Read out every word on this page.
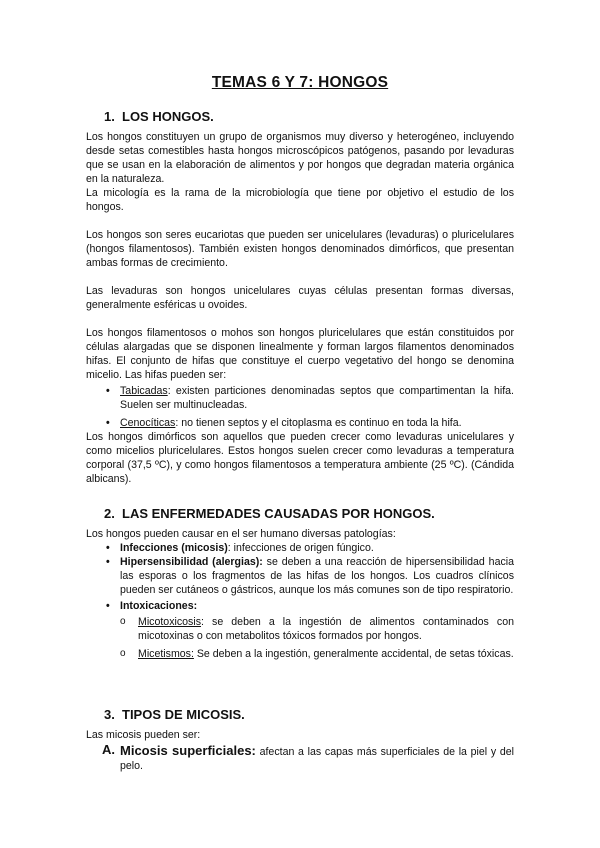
TEMAS 6 Y 7: HONGOS
1. LOS HONGOS.

Los hongos constituyen un grupo de organismos muy diverso y heterogéneo, incluyendo desde setas comestibles hasta hongos microscópicos patógenos, pasando por levaduras que se usan en la elaboración de alimentos y por hongos que degradan materia orgánica en la naturaleza.

La micología es la rama de la microbiología que tiene por objetivo el estudio de los hongos.

Los hongos son seres eucariotas que pueden ser unicelulares (levaduras) o pluricelulares (hongos filamentosos). También existen hongos denominados dimórficos, que presentan ambas formas de crecimiento.

Las levaduras son hongos unicelulares cuyas células presentan formas diversas, generalmente esféricas u ovoides.

Los hongos filamentosos o mohos son hongos pluricelulares que están constituidos por células alargadas que se disponen linealmente y forman largos filamentos denominados hifas. El conjunto de hifas que constituye el cuerpo vegetativo del hongo se denomina micelio. Las hifas pueden ser:

• Tabicadas: existen particiones denominadas septos que compartimentan la hifa. Suelen ser multinucleadas.
• Cenocíticas: no tienen septos y el citoplasma es continuo en toda la hifa.

Los hongos dimórficos son aquellos que pueden crecer como levaduras unicelulares y como micelios pluricelulares. Estos hongos suelen crecer como levaduras a temperatura corporal (37,5 ºC), y como hongos filamentosos a temperatura ambiente (25 ºC). (Cándida albicans).

2. LAS ENFERMEDADES CAUSADAS POR HONGOS.

Los hongos pueden causar en el ser humano diversas patologías:

• Infecciones (micosis): infecciones de origen fúngico.
• Hipersensibilidad (alergias): se deben a una reacción de hipersensibilidad hacia las esporas o los fragmentos de las hifas de los hongos. Los cuadros clínicos pueden ser cutáneos o gástricos, aunque los más comunes son de tipo respiratorio.
• Intoxicaciones:
o Micotoxicosis: se deben a la ingestión de alimentos contaminados con micotoxinas o con metabolitos tóxicos formados por hongos.
o Micetismos: Se deben a la ingestión, generalmente accidental, de setas tóxicas.
3. TIPOS DE MICOSIS.

Las micosis pueden ser:

A. Micosis superficiales: afectan a las capas más superficiales de la piel y del pelo.
